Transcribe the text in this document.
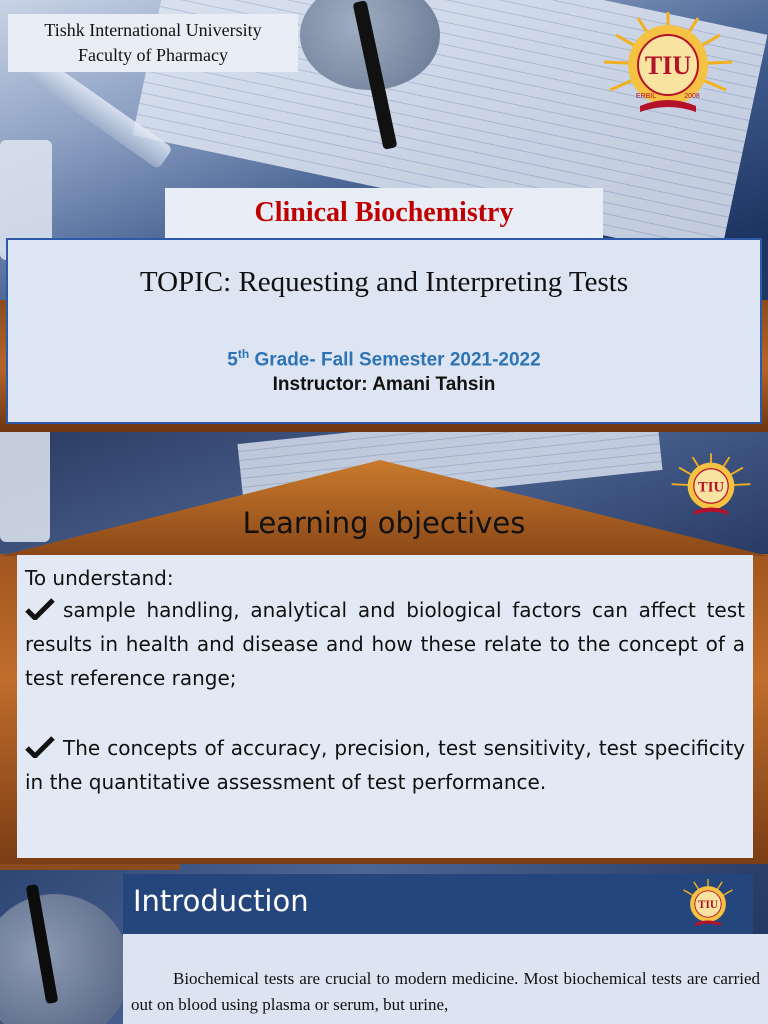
Tishk International University
Faculty of Pharmacy	TIU
ERBIL	2008
Clinical Biochemistry
TOPIC: Requesting and Interpreting Tests
5th Grade- Fall Semester 2021-2022
Instructor: Amani Tahsin
TIU
Learning objectives
To understand:
sample handling, analytical and biological factors can affect test results in health and disease and how these relate to the concept of a test reference range;
The concepts of accuracy, precision, test sensitivity, test specificity in the quantitative assessment of test performance.
Introduction	TIU
Biochemical tests are crucial to modern medicine. Most biochemical tests are carried out on blood using plasma or serum, but urine,
